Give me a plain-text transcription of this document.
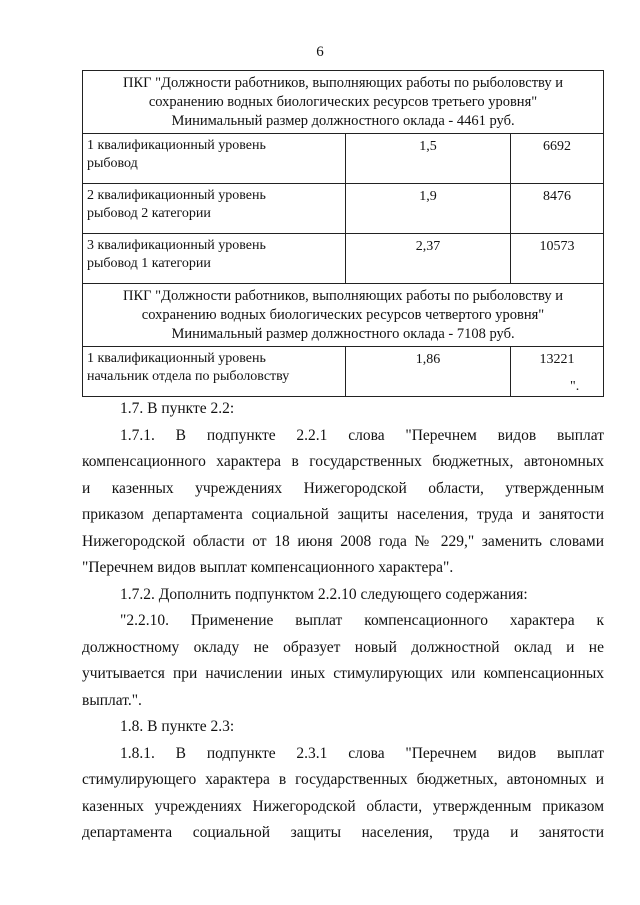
6
ПКГ "Должности работников, выполняющих работы по рыболовству и
сохранению водных биологических ресурсов третьего уровня"
Минимальный размер должностного оклада - 4461 руб.		

1 квалификационный уровень
рыбовод	1,5	6692

2 квалификационный уровень
рыбовод 2 категории	1,9	8476

3 квалификационный уровень
рыбовод 1 категории	2,37	10573

ПКГ "Должности работников, выполняющих работы по рыболовству и
сохранению водных биологических ресурсов четвертого уровня"
Минимальный размер должностного оклада - 7108 руб.		

1 квалификационный уровень
начальник отдела по рыболовству	1,86	13221
".

1.7. В пункте 2.2:

1.7.1. В подпункте 2.2.1 слова "Перечнем видов выплат

компенсационного характера в государственных бюджетных, автономных

и казенных учреждениях Нижегородской области, утвержденным

приказом департамента социальной защиты населения, труда и занятости

Нижегородской области от 18 июня 2008 года № 229," заменить словами

"Перечнем видов выплат компенсационного характера".

1.7.2. Дополнить подпунктом 2.2.10 следующего содержания:

"2.2.10. Применение выплат компенсационного характера к

должностному окладу не образует новый должностной оклад и не

учитывается при начислении иных стимулирующих или компенсационных

выплат.".

1.8. В пункте 2.3:

1.8.1. В подпункте 2.3.1 слова "Перечнем видов выплат

стимулирующего характера в государственных бюджетных, автономных и

казенных учреждениях Нижегородской области, утвержденным приказом

департамента социальной защиты населения, труда и занятости
